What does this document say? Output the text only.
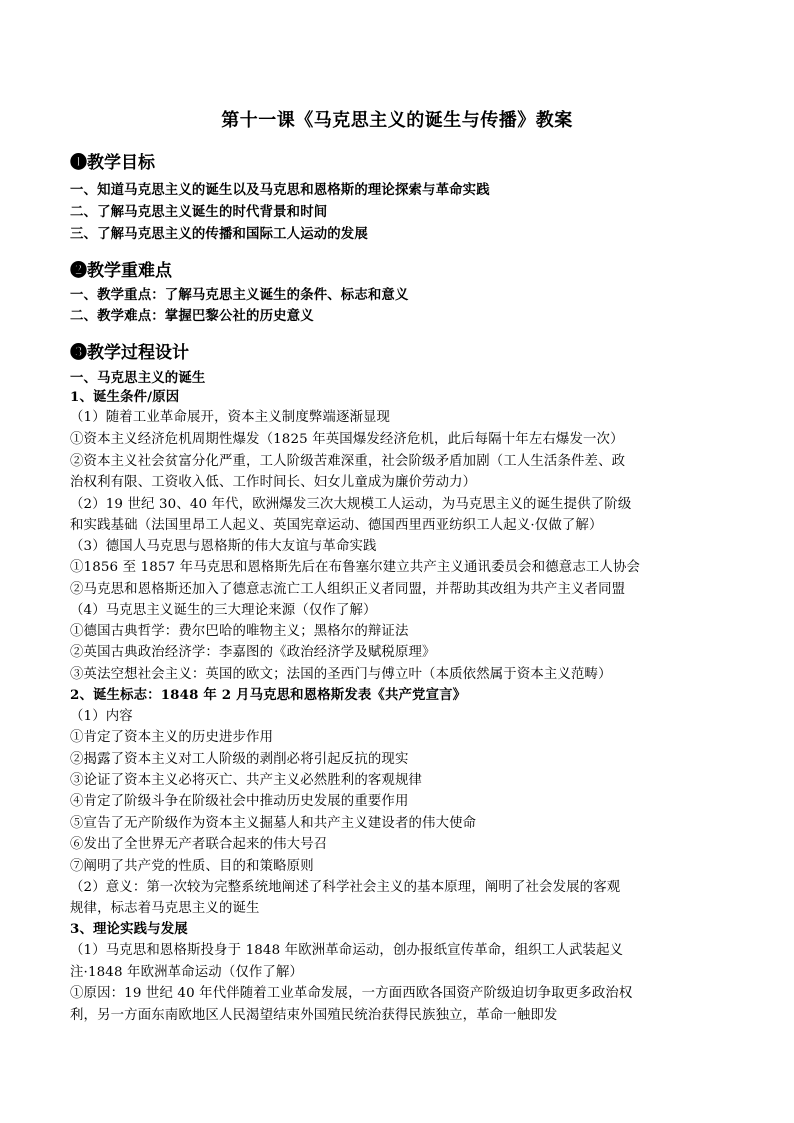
第十一课《马克思主义的诞生与传播》教案
❶教学目标
一、知道马克思主义的诞生以及马克思和恩格斯的理论探索与革命实践
二、了解马克思主义诞生的时代背景和时间
三、了解马克思主义的传播和国际工人运动的发展
❷教学重难点
一、教学重点：了解马克思主义诞生的条件、标志和意义
二、教学难点：掌握巴黎公社的历史意义
❸教学过程设计
一、马克思主义的诞生
1、诞生条件/原因
（1）随着工业革命展开，资本主义制度弊端逐渐显现
①资本主义经济危机周期性爆发（1825 年英国爆发经济危机，此后每隔十年左右爆发一次）
②资本主义社会贫富分化严重，工人阶级苦难深重，社会阶级矛盾加剧（工人生活条件差、政
治权利有限、工资收入低、工作时间长、妇女儿童成为廉价劳动力）
（2）19 世纪 30、40 年代，欧洲爆发三次大规模工人运动，为马克思主义的诞生提供了阶级
和实践基础（法国里昂工人起义、英国宪章运动、德国西里西亚纺织工人起义·仅做了解）
（3）德国人马克思与恩格斯的伟大友谊与革命实践
①1856 至 1857 年马克思和恩格斯先后在布鲁塞尔建立共产主义通讯委员会和德意志工人协会
②马克思和恩格斯还加入了德意志流亡工人组织正义者同盟，并帮助其改组为共产主义者同盟
（4）马克思主义诞生的三大理论来源（仅作了解）
①德国古典哲学：费尔巴哈的唯物主义；黑格尔的辩证法
②英国古典政治经济学：李嘉图的《政治经济学及赋税原理》
③英法空想社会主义：英国的欧文；法国的圣西门与傅立叶（本质依然属于资本主义范畴）
2、诞生标志：1848 年 2 月马克思和恩格斯发表《共产党宣言》
（1）内容
①肯定了资本主义的历史进步作用
②揭露了资本主义对工人阶级的剥削必将引起反抗的现实
③论证了资本主义必将灭亡、共产主义必然胜利的客观规律
④肯定了阶级斗争在阶级社会中推动历史发展的重要作用
⑤宣告了无产阶级作为资本主义掘墓人和共产主义建设者的伟大使命
⑥发出了全世界无产者联合起来的伟大号召
⑦阐明了共产党的性质、目的和策略原则
（2）意义：第一次较为完整系统地阐述了科学社会主义的基本原理，阐明了社会发展的客观
规律，标志着马克思主义的诞生
3、理论实践与发展
（1）马克思和恩格斯投身于 1848 年欧洲革命运动，创办报纸宣传革命，组织工人武装起义
注·1848 年欧洲革命运动（仅作了解）
①原因：19 世纪 40 年代伴随着工业革命发展，一方面西欧各国资产阶级迫切争取更多政治权
利，另一方面东南欧地区人民渴望结束外国殖民统治获得民族独立，革命一触即发
